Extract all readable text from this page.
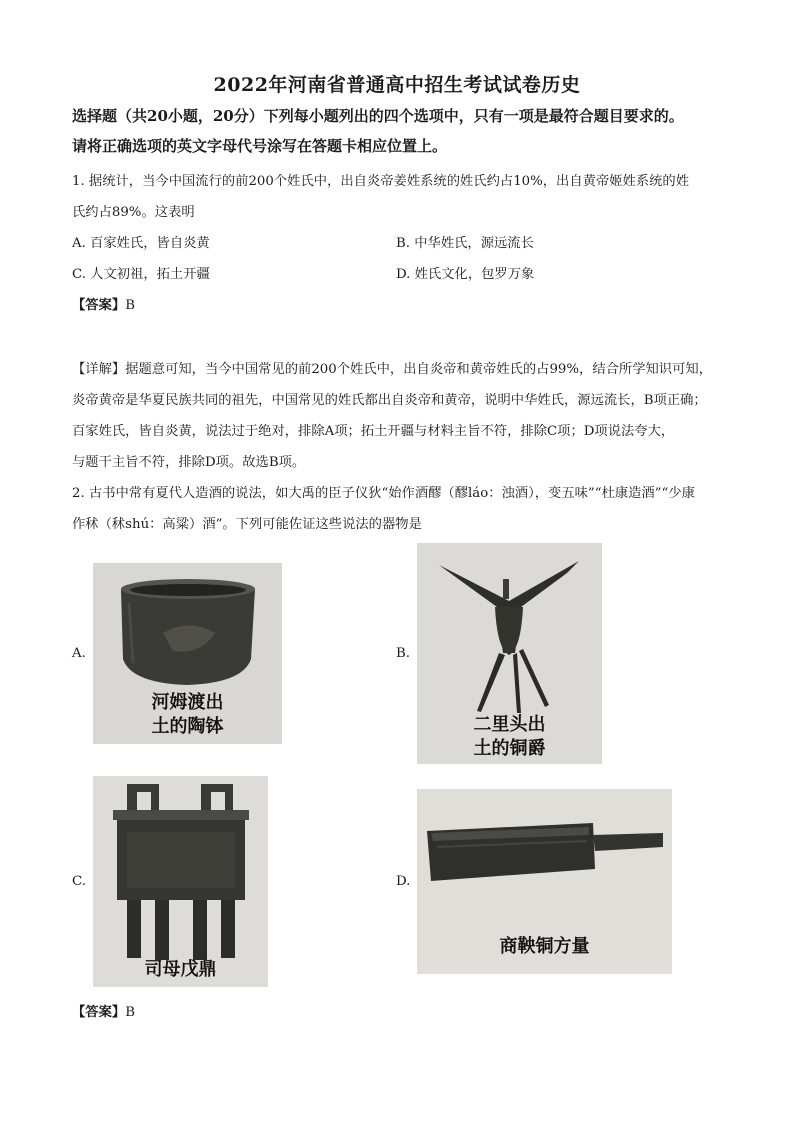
2022年河南省普通高中招生考试试卷历史
选择题（共20小题，20分）下列每小题列出的四个选项中，只有一项是最符合题目要求的。
请将正确选项的英文字母代号涂写在答题卡相应位置上。
1. 据统计，当今中国流行的前200个姓氏中，出自炎帝姜姓系统的姓氏约占10%，出自黄帝姬姓系统的姓
氏约占89%。这表明
A. 百家姓氏，皆自炎黄	B. 中华姓氏，源远流长
C. 人文初祖，拓土开疆	D. 姓氏文化，包罗万象
【答案】B
【详解】据题意可知，当今中国常见的前200个姓氏中，出自炎帝和黄帝姓氏的占99%，结合所学知识可知，
炎帝黄帝是华夏民族共同的祖先，中国常见的姓氏都出自炎帝和黄帝，说明中华姓氏，源远流长，B项正确；
百家姓氏，皆自炎黄，说法过于绝对，排除A项；拓土开疆与材料主旨不符，排除C项；D项说法夸大，
与题干主旨不符，排除D项。故选B项。
2. 古书中常有夏代人造酒的说法，如大禹的臣子仪狄“始作酒醪（醪láo：浊酒），变五味”“杜康造酒”“少康
作秫（秫shú：高粱）酒”。下列可能佐证这些说法的器物是
A.
河姆渡出
土的陶钵
B.
二里头出
土的铜爵
C.
司母戊鼎
D.
商鞅铜方量
【答案】B
